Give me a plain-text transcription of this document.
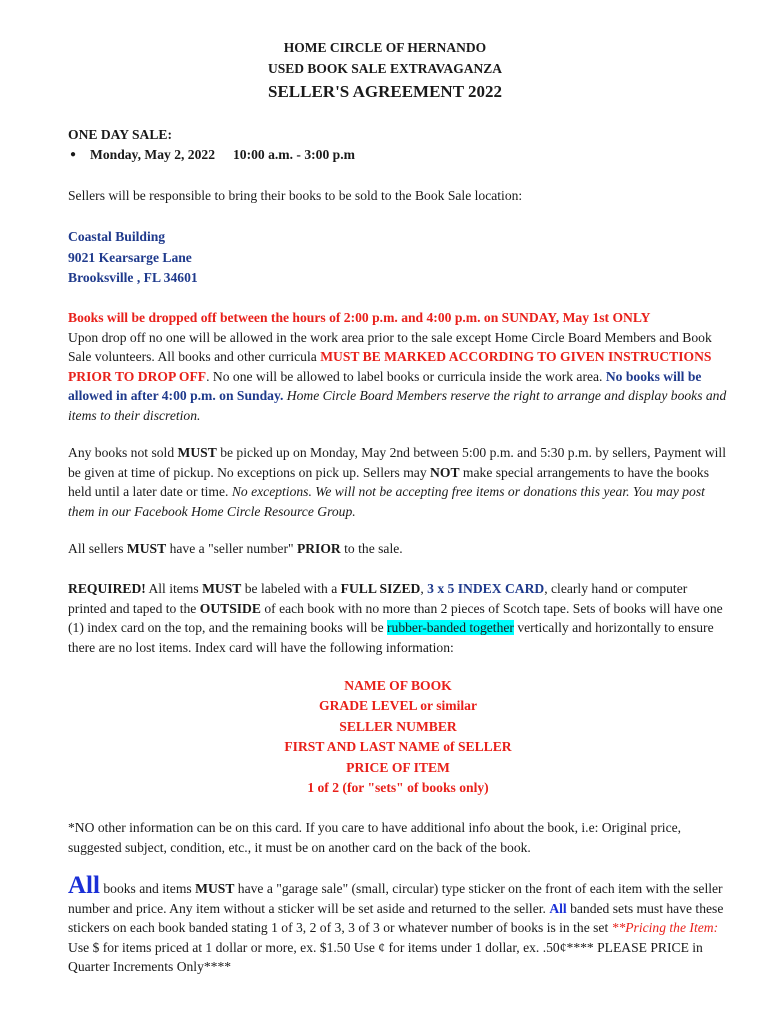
HOME CIRCLE OF HERNANDO
USED BOOK SALE EXTRAVAGANZA
SELLER'S AGREEMENT 2022
ONE DAY SALE:
● Monday, May 2, 2022 10:00 a.m. - 3:00 p.m
Sellers will be responsible to bring their books to be sold to the Book Sale location:
Coastal Building
9021 Kearsarge Lane
Brooksville , FL 34601
Books will be dropped off between the hours of 2:00 p.m. and 4:00 p.m. on SUNDAY, May 1st ONLY
Upon drop off no one will be allowed in the work area prior to the sale except Home Circle Board Members and Book Sale volunteers. All books and other curricula MUST BE MARKED ACCORDING TO GIVEN INSTRUCTIONS PRIOR TO DROP OFF. No one will be allowed to label books or curricula inside the work area. No books will be allowed in after 4:00 p.m. on Sunday. Home Circle Board Members reserve the right to arrange and display books and items to their discretion.
Any books not sold MUST be picked up on Monday, May 2nd between 5:00 p.m. and 5:30 p.m. by sellers, Payment will be given at time of pickup. No exceptions on pick up. Sellers may NOT make special arrangements to have the books held until a later date or time. No exceptions. We will not be accepting free items or donations this year. You may post them in our Facebook Home Circle Resource Group.
All sellers MUST have a "seller number" PRIOR to the sale.
REQUIRED! All items MUST be labeled with a FULL SIZED, 3 x 5 INDEX CARD, clearly hand or computer printed and taped to the OUTSIDE of each book with no more than 2 pieces of Scotch tape. Sets of books will have one (1) index card on the top, and the remaining books will be rubber-banded together vertically and horizontally to ensure there are no lost items. Index card will have the following information:
NAME OF BOOK
GRADE LEVEL or similar
SELLER NUMBER
FIRST AND LAST NAME of SELLER
PRICE OF ITEM
1 of 2 (for "sets" of books only)
*NO other information can be on this card. If you care to have additional info about the book, i.e: Original price, suggested subject, condition, etc., it must be on another card on the back of the book.
All books and items MUST have a "garage sale" (small, circular) type sticker on the front of each item with the seller number and price. Any item without a sticker will be set aside and returned to the seller. All banded sets must have these stickers on each book banded stating 1 of 3, 2 of 3, 3 of 3 or whatever number of books is in the set **Pricing the Item: Use $ for items priced at 1 dollar or more, ex. $1.50 Use ¢ for items under 1 dollar, ex. .50¢**** PLEASE PRICE in Quarter Increments Only****
